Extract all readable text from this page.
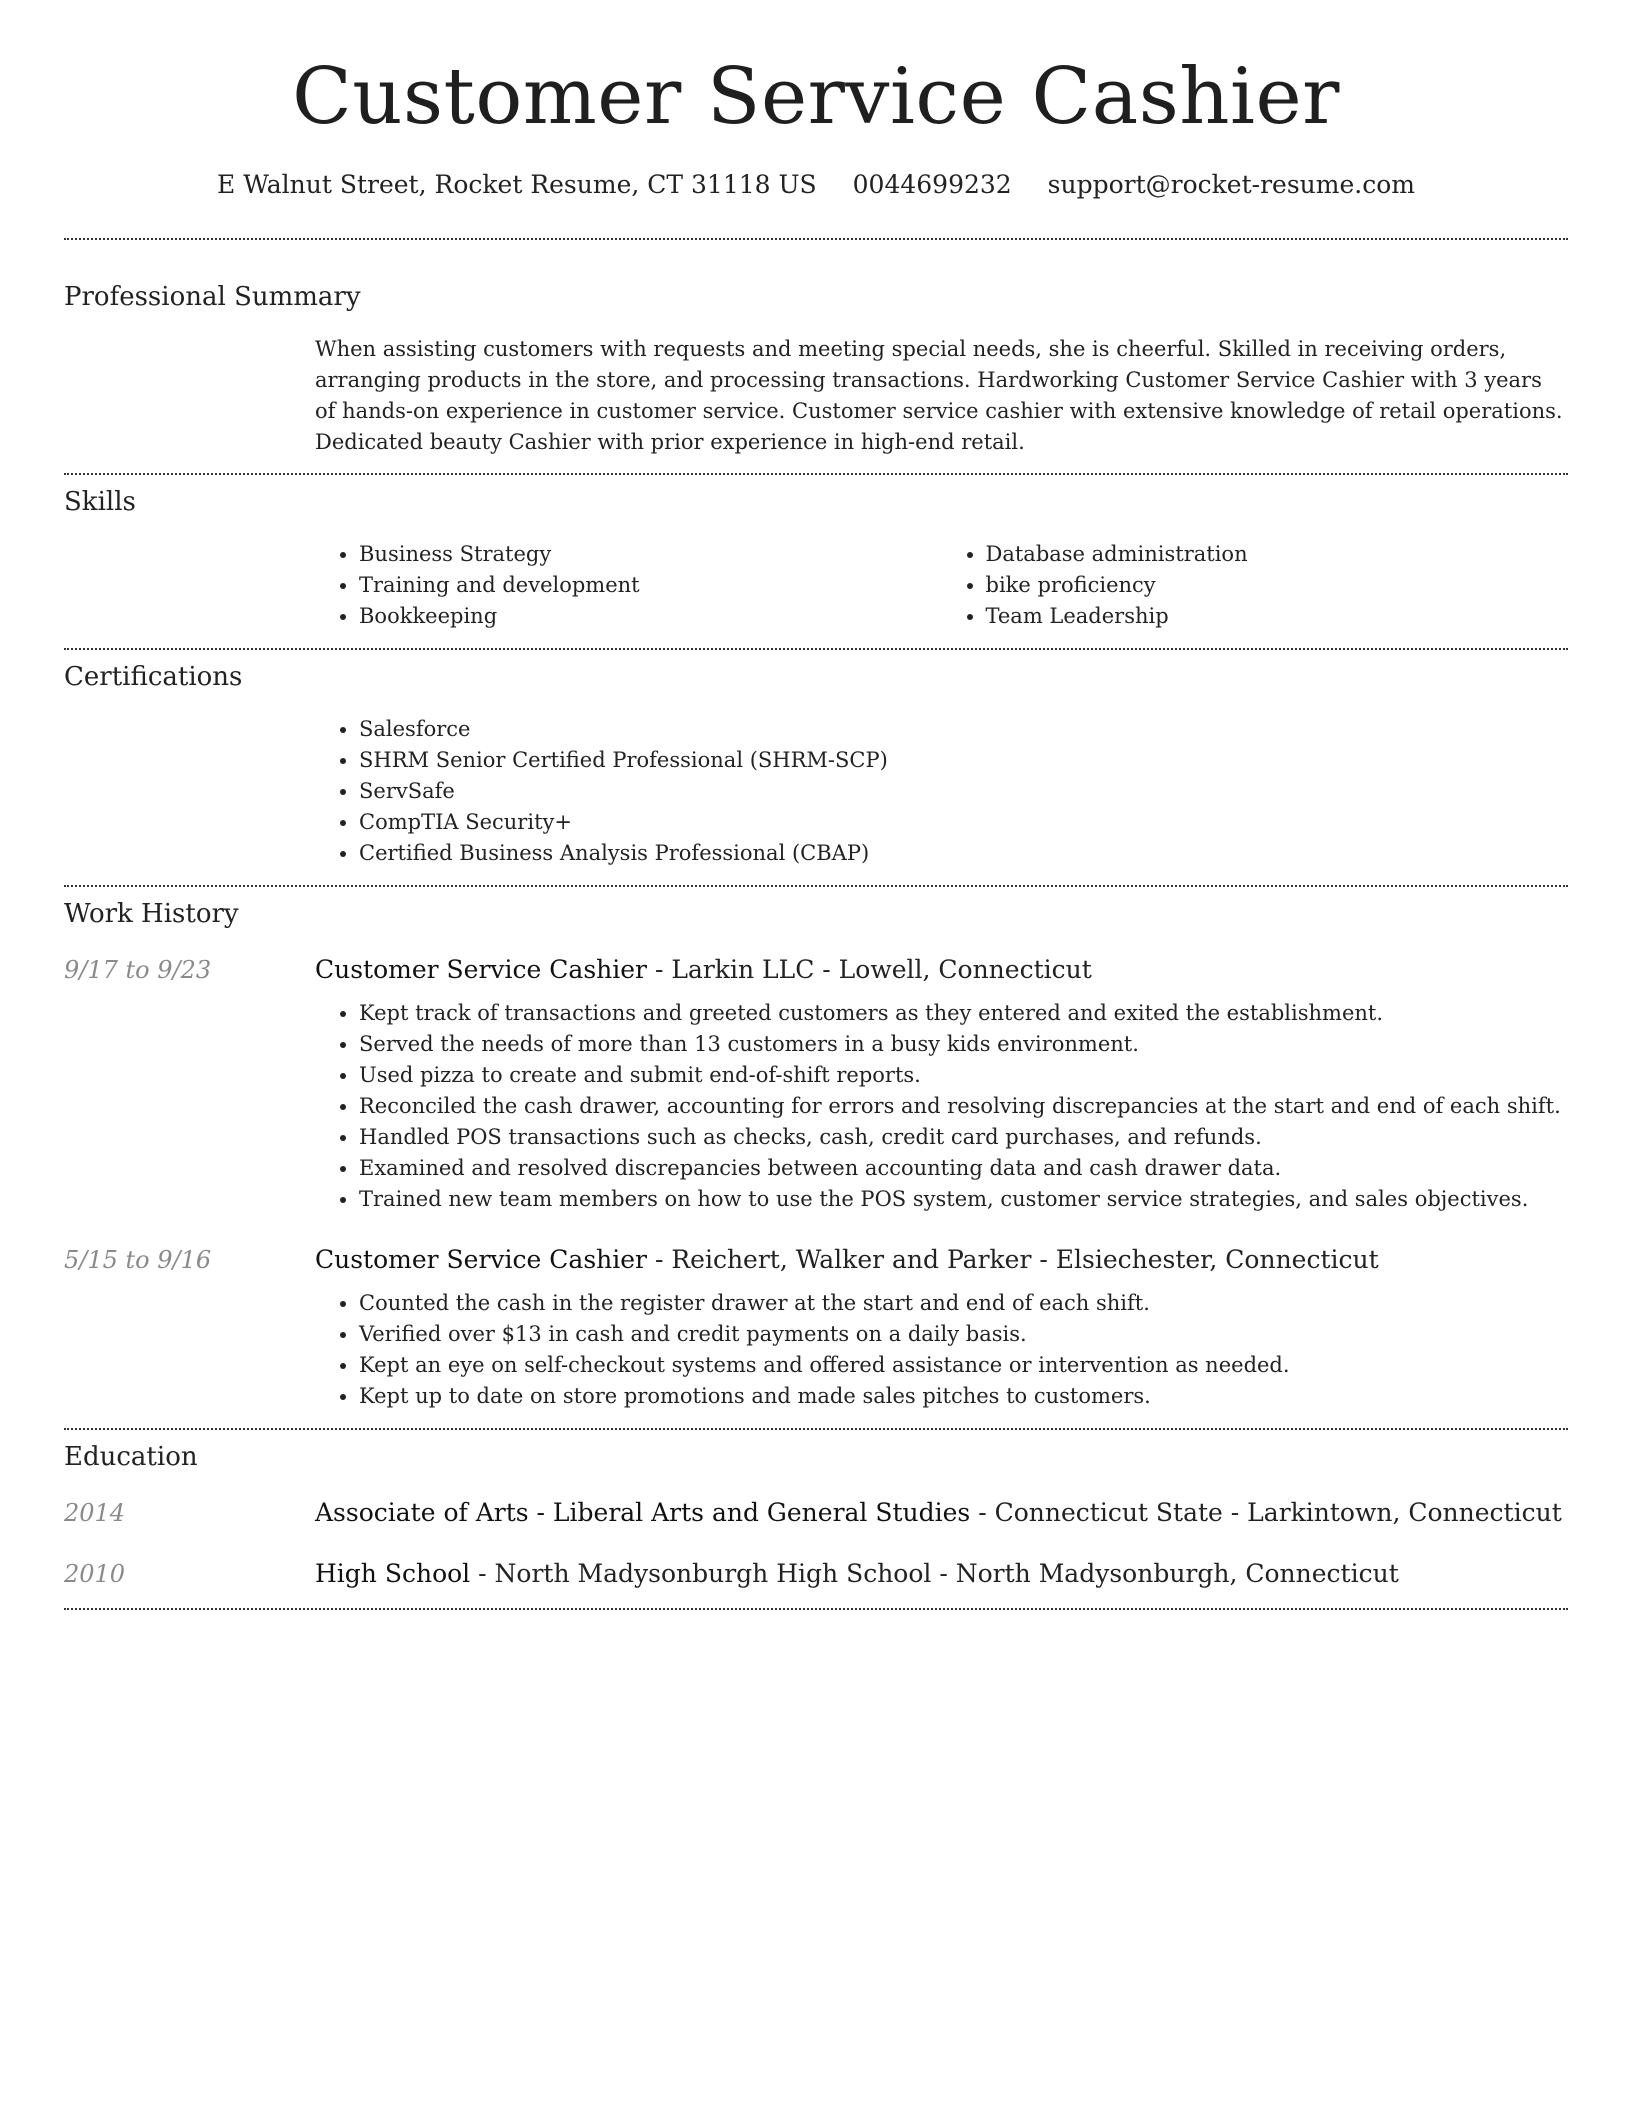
Customer Service Cashier
E Walnut Street, Rocket Resume, CT 31118 US 0044699232 support@rocket-resume.com
Professional Summary
When assisting customers with requests and meeting special needs, she is cheerful. Skilled in receiving orders, arranging products in the store, and processing transactions. Hardworking Customer Service Cashier with 3 years of hands-on experience in customer service. Customer service cashier with extensive knowledge of retail operations. Dedicated beauty Cashier with prior experience in high-end retail.
Skills
• Business Strategy
• Training and development
• Bookkeeping
• Database administration
• bike proficiency
• Team Leadership
Certifications
• Salesforce
• SHRM Senior Certified Professional (SHRM-SCP)
• ServSafe
• CompTIA Security+
• Certified Business Analysis Professional (CBAP)
Work History
9/17 to 9/23	Customer Service Cashier - Larkin LLC - Lowell, Connecticut
• Kept track of transactions and greeted customers as they entered and exited the establishment.
• Served the needs of more than 13 customers in a busy kids environment.
• Used pizza to create and submit end-of-shift reports.
• Reconciled the cash drawer, accounting for errors and resolving discrepancies at the start and end of each shift.
• Handled POS transactions such as checks, cash, credit card purchases, and refunds.
• Examined and resolved discrepancies between accounting data and cash drawer data.
• Trained new team members on how to use the POS system, customer service strategies, and sales objectives.
5/15 to 9/16	Customer Service Cashier - Reichert, Walker and Parker - Elsiechester, Connecticut
• Counted the cash in the register drawer at the start and end of each shift.
• Verified over $13 in cash and credit payments on a daily basis.
• Kept an eye on self-checkout systems and offered assistance or intervention as needed.
• Kept up to date on store promotions and made sales pitches to customers.
Education
2014	Associate of Arts - Liberal Arts and General Studies - Connecticut State - Larkintown, Connecticut
2010	High School - North Madysonburgh High School - North Madysonburgh, Connecticut
